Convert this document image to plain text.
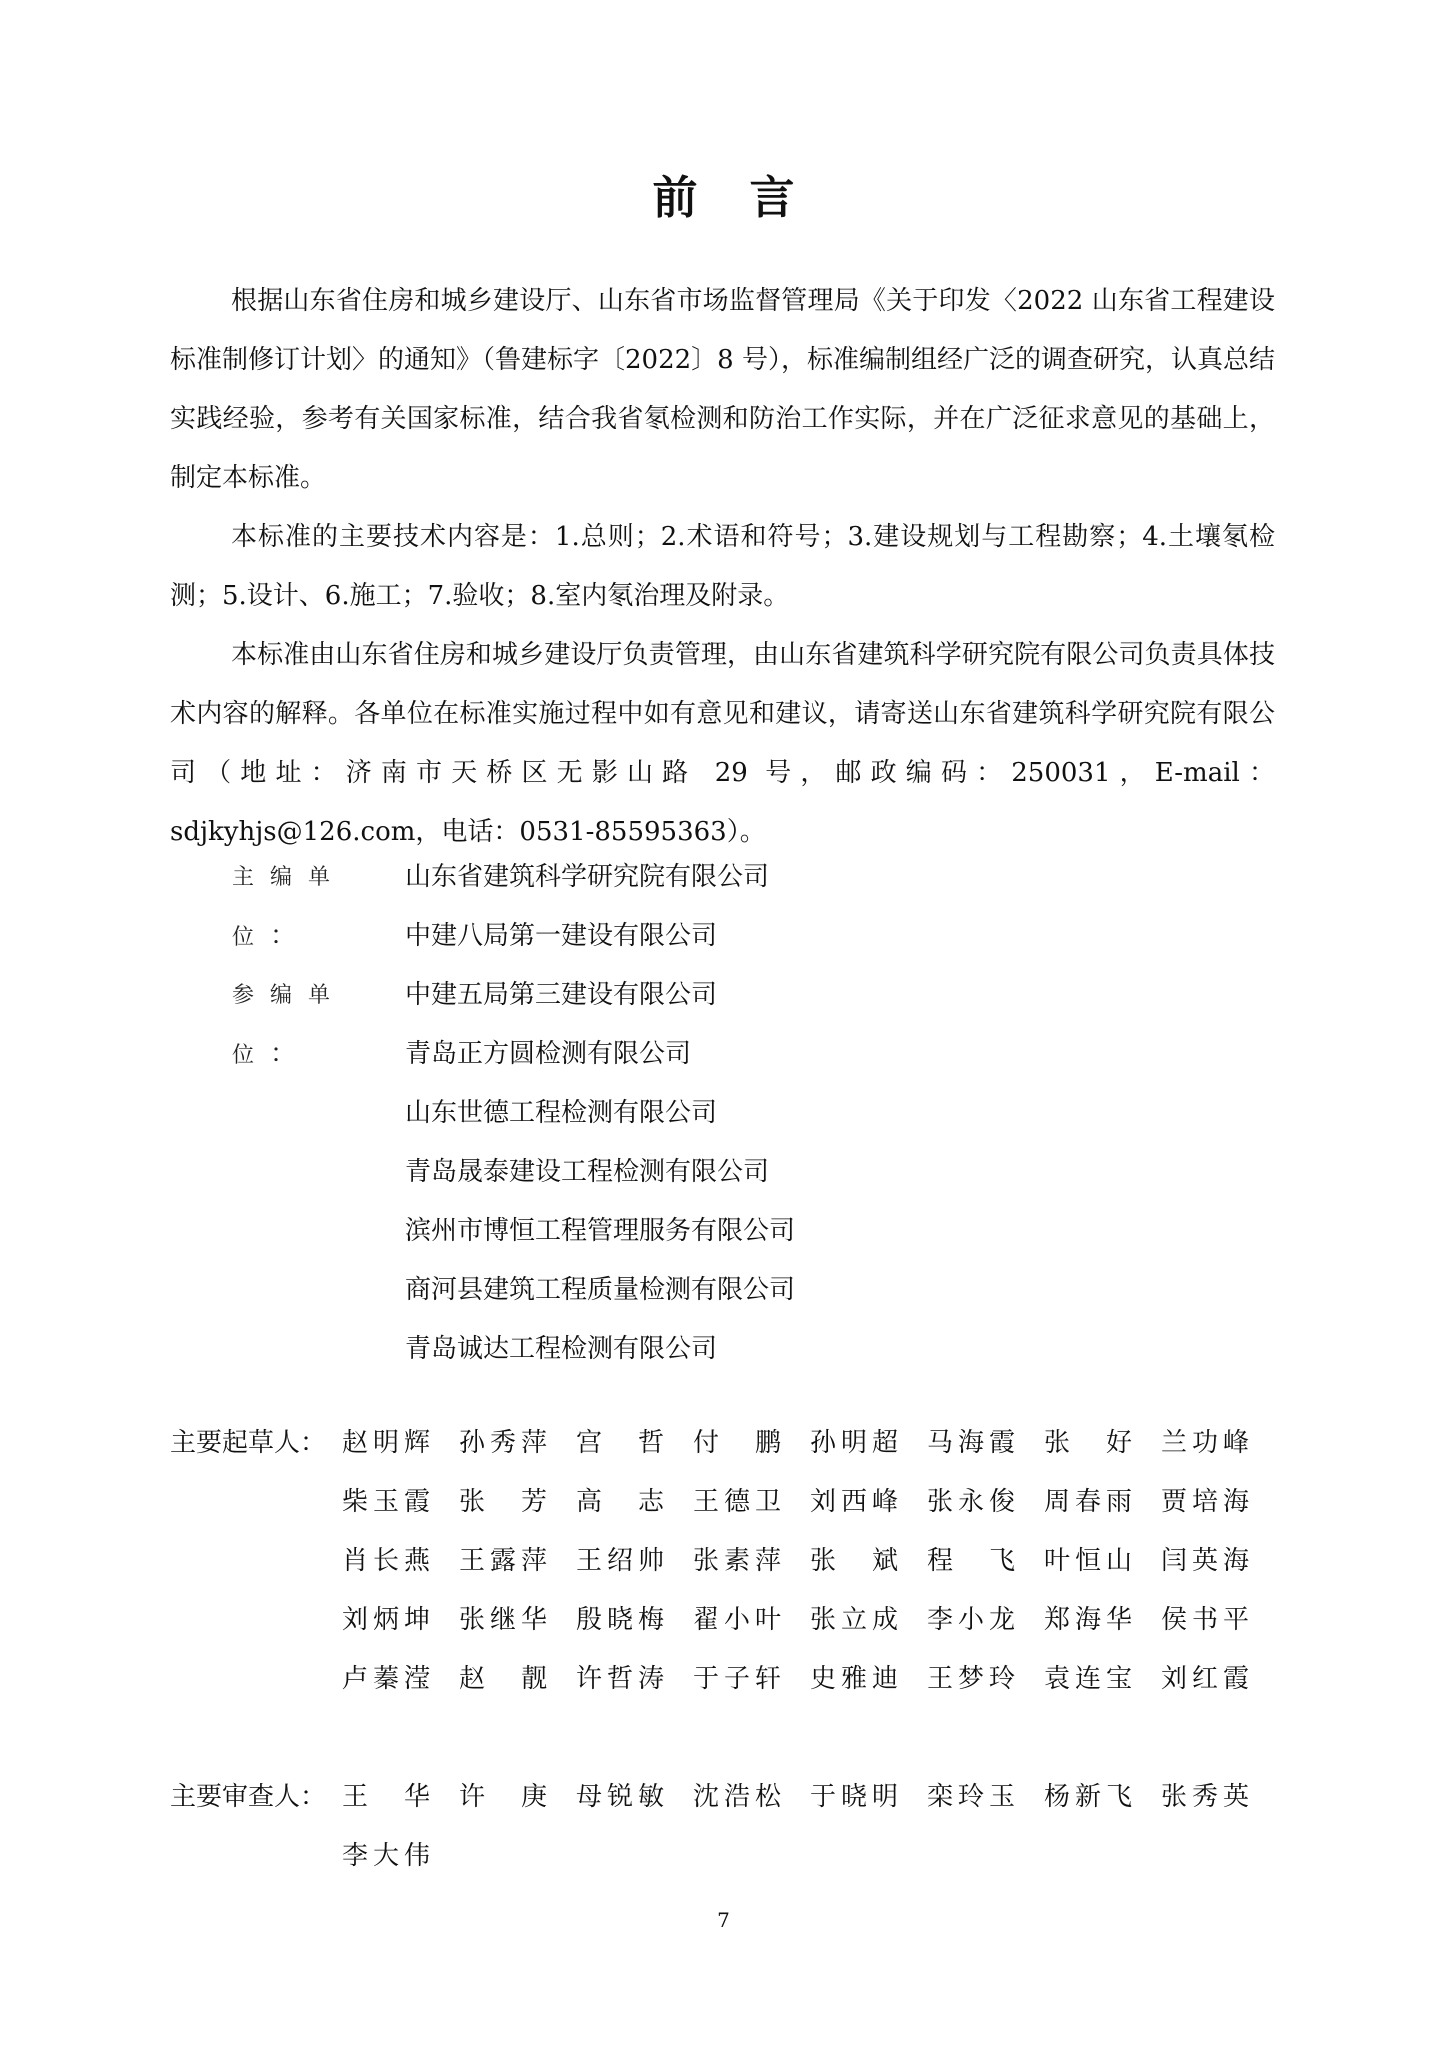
前言

根据山东省住房和城乡建设厅、山东省市场监督管理局《关于印发〈2022 山东省工程建设标准制修订计划〉的通知》（鲁建标字〔2022〕8 号），标准编制组经广泛的调查研究，认真总结实践经验，参考有关国家标准，结合我省氡检测和防治工作实际，并在广泛征求意见的基础上，制定本标准。

本标准的主要技术内容是：1.总则；2.术语和符号；3.建设规划与工程勘察；4.土壤氡检测；5.设计、6.施工；7.验收；8.室内氡治理及附录。

本标准由山东省住房和城乡建设厅负责管理，由山东省建筑科学研究院有限公司负责具体技术内容的解释。各单位在标准实施过程中如有意见和建议，请寄送山东省建筑科学研究院有限公司（地址：济南市天桥区无影山路 29 号，邮政编码：250031，E-mail：sdjkyhjs@126.com，电话：0531-85595363）。

主编单位：
山东省建筑科学研究院有限公司
中建八局第一建设有限公司
参编单位：
中建五局第三建设有限公司
青岛正方圆检测有限公司
山东世德工程检测有限公司
青岛晟泰建设工程检测有限公司
滨州市博恒工程管理服务有限公司
商河县建筑工程质量检测有限公司
青岛诚达工程检测有限公司
主要起草人： 赵明辉 孙秀萍 宫哲 付鹏 孙明超 马海霞 张好 兰功峰
柴玉霞 张芳 高志 王德卫 刘西峰 张永俊 周春雨 贾培海
肖长燕 王露萍 王绍帅 张素萍 张斌 程飞 叶恒山 闫英海
刘炳坤 张继华 殷晓梅 翟小叶 张立成 李小龙 郑海华 侯书平
卢蓁滢 赵靓 许哲涛 于子轩 史雅迪 王梦玲 袁连宝 刘红霞
主要审查人： 王华 许庚 母锐敏 沈浩松 于晓明 栾玲玉 杨新飞 张秀英
李大伟
7
